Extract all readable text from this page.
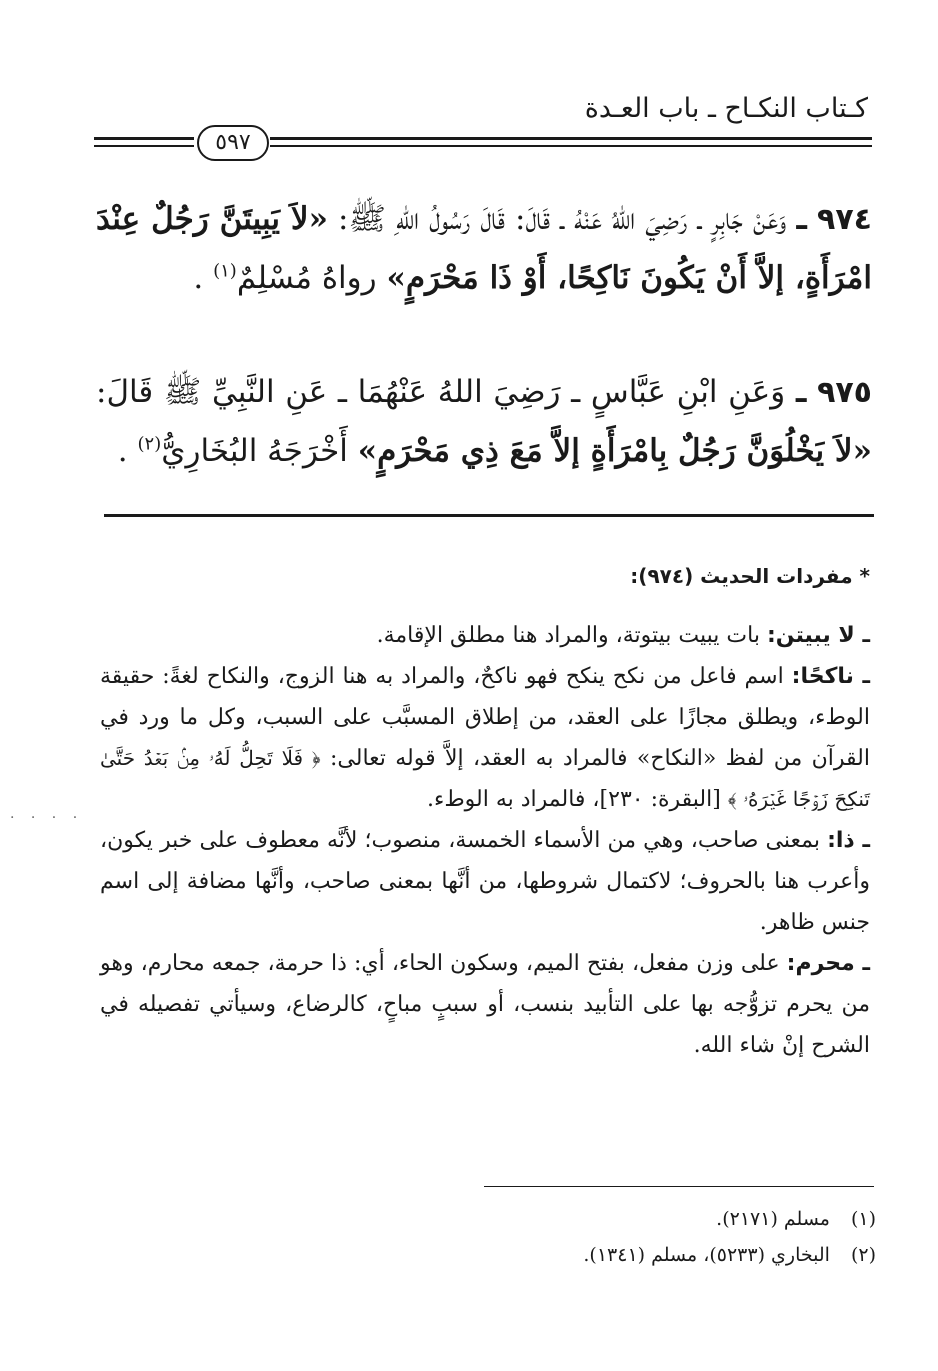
كـتاب النكـاح ـ باب العـدة
٥٩٧
٩٧٤ ـ وَعَنْ جَابِرٍ ـ رَضِيَ اللهُ عَنْهُ ـ قَالَ: قَالَ رَسُولُ اللهِ ﷺ: «لاَ يَبِيتَنَّ رَجُلٌ عِنْدَ امْرَأَةٍ، إلاَّ أَنْ يَكُونَ نَاكِحًا، أَوْ ذَا مَحْرَمٍ» رواهُ مُسْلِمٌ$^{(١)}$ .
٩٧٥ ـ وَعَنِ ابْنِ عَبَّاسٍ ـ رَضِيَ اللهُ عَنْهُمَا ـ عَنِ النَّبِيِّ ﷺ قَالَ: «لاَ يَخْلُوَنَّ رَجُلٌ بِامْرَأَةٍ إلاَّ مَعَ ذِي مَحْرَمٍ» أَخْرَجَهُ البُخَارِيُّ$^{(٢)}$ .
* مفردات الحديث (٩٧٤):

ـ لا يبيتن: بات يبيت بيتوتة، والمراد هنا مطلق الإقامة.

ـ ناكحًا: اسم فاعل من نكح ينكح فهو ناكحٌ، والمراد به هنا الزوج، والنكاح لغةً: حقيقة الوطء، ويطلق مجازًا على العقد، من إطلاق المسبَّب على السبب، وكل ما ورد في القرآن من لفظ «النكاح» فالمراد به العقد، إلاَّ قوله تعالى: ﴿ فَلَا تَحِلُّ لَهُۥ مِنۢ بَعۡدُ حَتَّىٰ تَنكِحَ زَوۡجًا غَيۡرَهُۥ ﴾ [البقرة: ٢٣٠]، فالمراد به الوطء.

ـ ذا: بمعنى صاحب، وهي من الأسماء الخمسة، منصوب؛ لأنَّه معطوف على خبر يكون، وأعرب هنا بالحروف؛ لاكتمال شروطها، من أنَّها بمعنى صاحب، وأنَّها مضافة إلى اسم جنس ظاهر.

ـ محرم: على وزن مفعل، بفتح الميم، وسكون الحاء، أي: ذا حرمة، جمعه محارم، وهو من يحرم تزوُّجه بها على التأبيد بنسب، أو سببٍ مباحٍ، كالرضاع، وسيأتي تفصيله في الشرح إنْ شاء الله.

(١) مسلم (٢١٧١).

(٢) البخاري (٥٢٣٣)، مسلم (١٣٤١).

· · · ·
